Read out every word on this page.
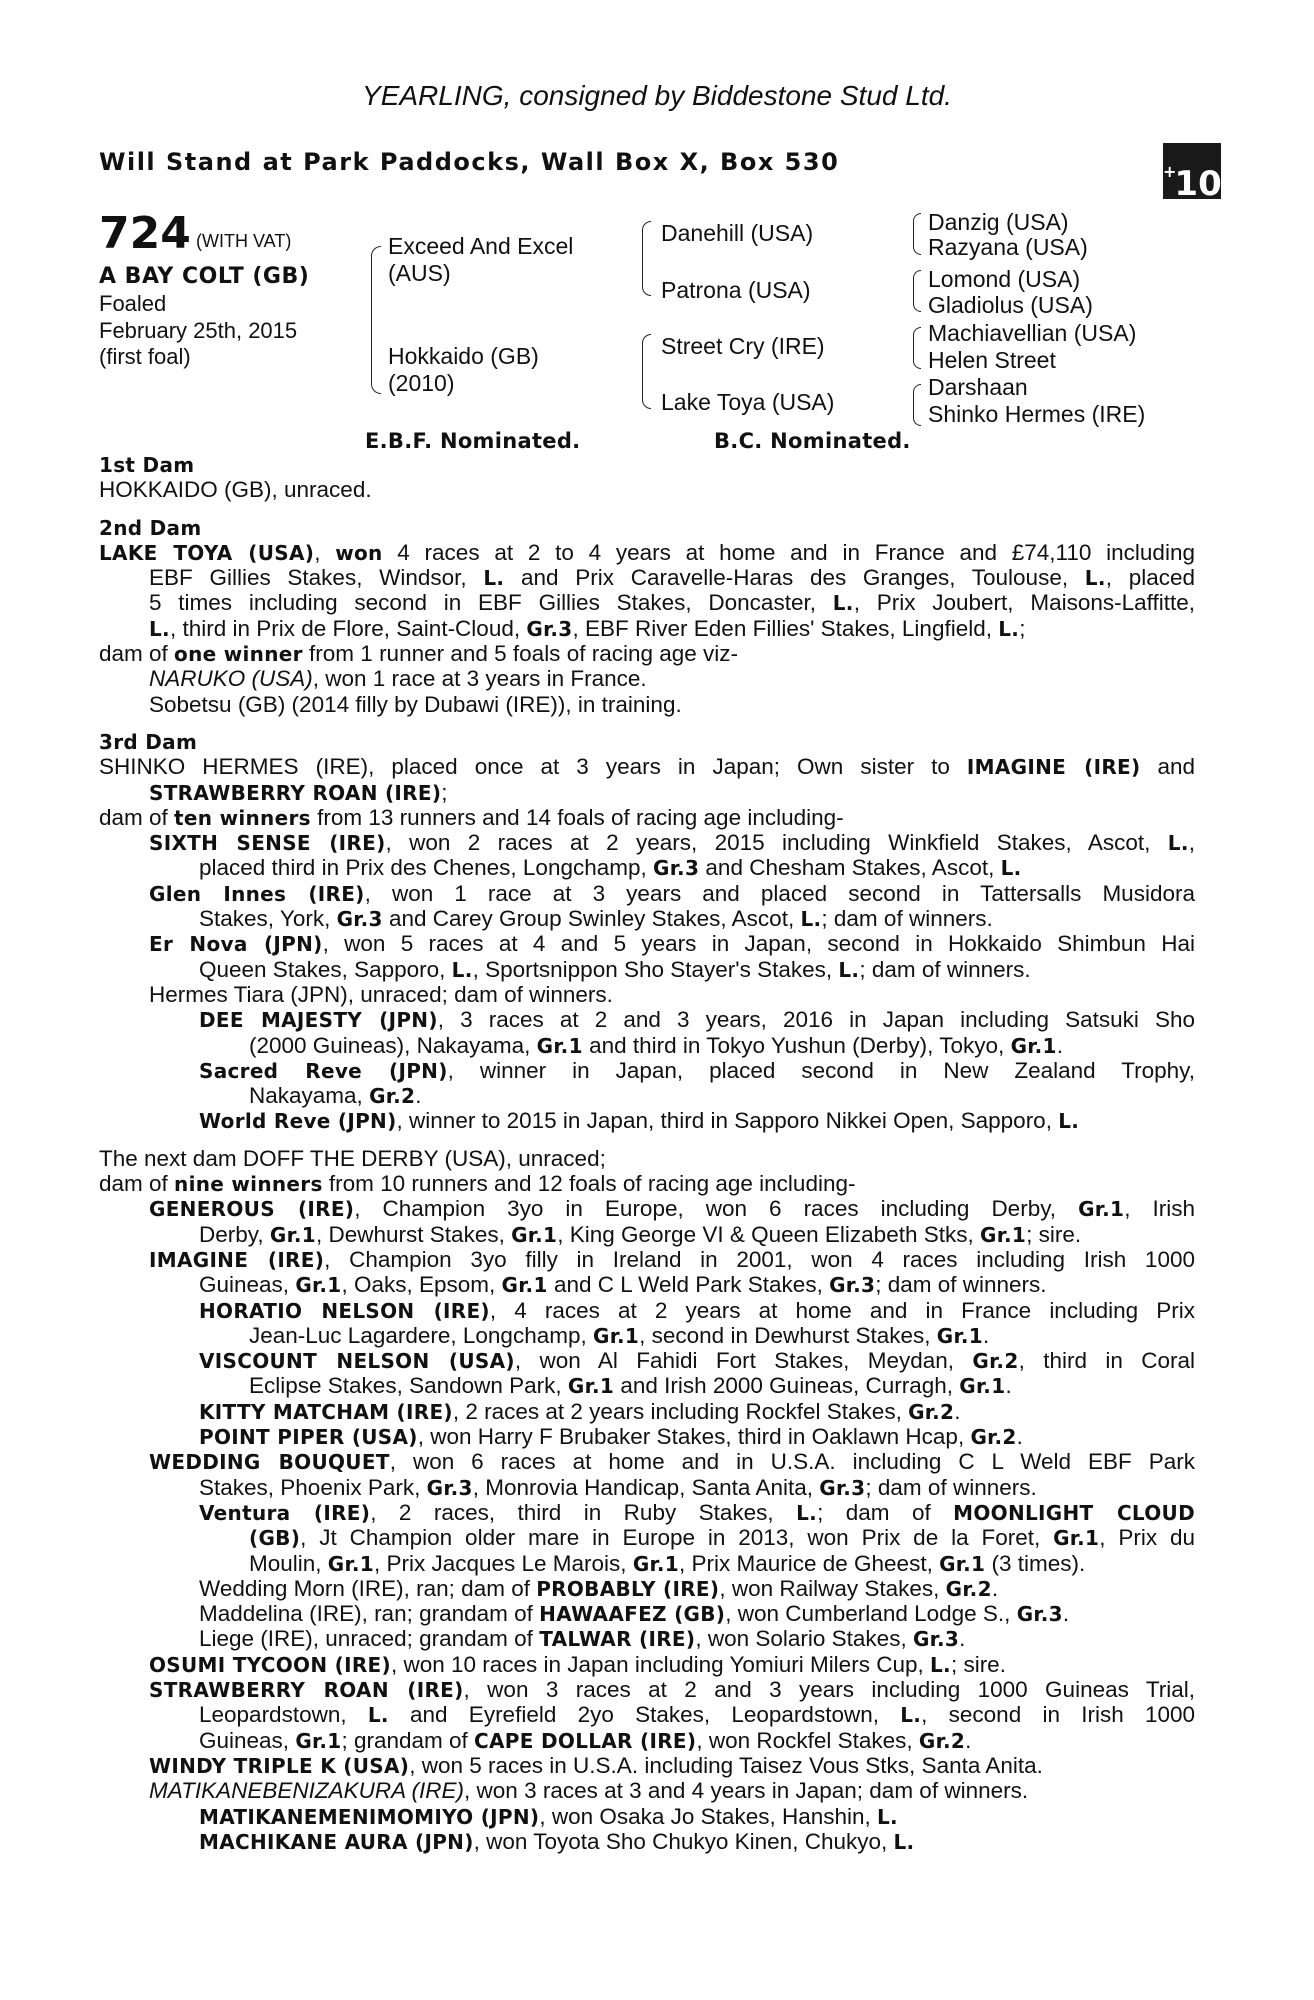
YEARLING, consigned by Biddestone Stud Ltd.
Will Stand at Park Paddocks, Wall Box X, Box 530	+10
724 (WITH VAT)
A BAY COLT (GB)
Foaled
February 25th, 2015
(first foal)
Exceed And Excel
(AUS)
Hokkaido (GB)
(2010)
Danehill (USA)
Patrona (USA)
Street Cry (IRE)
Lake Toya (USA)
Danzig (USA)
Razyana (USA)
Lomond (USA)
Gladiolus (USA)
Machiavellian (USA)
Helen Street
Darshaan
Shinko Hermes (IRE)
E.B.F. Nominated.	B.C. Nominated.
1st Dam
HOKKAIDO (GB), unraced.
2nd Dam
LAKE TOYA (USA), won 4 races at 2 to 4 years at home and in France and £74,110 including
EBF Gillies Stakes, Windsor, L. and Prix Caravelle-Haras des Granges, Toulouse, L., placed
5 times including second in EBF Gillies Stakes, Doncaster, L., Prix Joubert, Maisons-Laffitte,
L., third in Prix de Flore, Saint-Cloud, Gr.3, EBF River Eden Fillies' Stakes, Lingfield, L.;
dam of one winner from 1 runner and 5 foals of racing age viz-
NARUKO (USA), won 1 race at 3 years in France.
Sobetsu (GB) (2014 filly by Dubawi (IRE)), in training.
3rd Dam
SHINKO HERMES (IRE), placed once at 3 years in Japan; Own sister to IMAGINE (IRE) and
STRAWBERRY ROAN (IRE);
dam of ten winners from 13 runners and 14 foals of racing age including-
SIXTH SENSE (IRE), won 2 races at 2 years, 2015 including Winkfield Stakes, Ascot, L.,
placed third in Prix des Chenes, Longchamp, Gr.3 and Chesham Stakes, Ascot, L.
Glen Innes (IRE), won 1 race at 3 years and placed second in Tattersalls Musidora
Stakes, York, Gr.3 and Carey Group Swinley Stakes, Ascot, L.; dam of winners.
Er Nova (JPN), won 5 races at 4 and 5 years in Japan, second in Hokkaido Shimbun Hai
Queen Stakes, Sapporo, L., Sportsnippon Sho Stayer's Stakes, L.; dam of winners.
Hermes Tiara (JPN), unraced; dam of winners.
DEE MAJESTY (JPN), 3 races at 2 and 3 years, 2016 in Japan including Satsuki Sho
(2000 Guineas), Nakayama, Gr.1 and third in Tokyo Yushun (Derby), Tokyo, Gr.1.
Sacred Reve (JPN), winner in Japan, placed second in New Zealand Trophy,
Nakayama, Gr.2.
World Reve (JPN), winner to 2015 in Japan, third in Sapporo Nikkei Open, Sapporo, L.
The next dam DOFF THE DERBY (USA), unraced;
dam of nine winners from 10 runners and 12 foals of racing age including-
GENEROUS (IRE), Champion 3yo in Europe, won 6 races including Derby, Gr.1, Irish
Derby, Gr.1, Dewhurst Stakes, Gr.1, King George VI & Queen Elizabeth Stks, Gr.1; sire.
IMAGINE (IRE), Champion 3yo filly in Ireland in 2001, won 4 races including Irish 1000
Guineas, Gr.1, Oaks, Epsom, Gr.1 and C L Weld Park Stakes, Gr.3; dam of winners.
HORATIO NELSON (IRE), 4 races at 2 years at home and in France including Prix
Jean-Luc Lagardere, Longchamp, Gr.1, second in Dewhurst Stakes, Gr.1.
VISCOUNT NELSON (USA), won Al Fahidi Fort Stakes, Meydan, Gr.2, third in Coral
Eclipse Stakes, Sandown Park, Gr.1 and Irish 2000 Guineas, Curragh, Gr.1.
KITTY MATCHAM (IRE), 2 races at 2 years including Rockfel Stakes, Gr.2.
POINT PIPER (USA), won Harry F Brubaker Stakes, third in Oaklawn Hcap, Gr.2.
WEDDING BOUQUET, won 6 races at home and in U.S.A. including C L Weld EBF Park
Stakes, Phoenix Park, Gr.3, Monrovia Handicap, Santa Anita, Gr.3; dam of winners.
Ventura (IRE), 2 races, third in Ruby Stakes, L.; dam of MOONLIGHT CLOUD
(GB), Jt Champion older mare in Europe in 2013, won Prix de la Foret, Gr.1, Prix du
Moulin, Gr.1, Prix Jacques Le Marois, Gr.1, Prix Maurice de Gheest, Gr.1 (3 times).
Wedding Morn (IRE), ran; dam of PROBABLY (IRE), won Railway Stakes, Gr.2.
Maddelina (IRE), ran; grandam of HAWAAFEZ (GB), won Cumberland Lodge S., Gr.3.
Liege (IRE), unraced; grandam of TALWAR (IRE), won Solario Stakes, Gr.3.
OSUMI TYCOON (IRE), won 10 races in Japan including Yomiuri Milers Cup, L.; sire.
STRAWBERRY ROAN (IRE), won 3 races at 2 and 3 years including 1000 Guineas Trial,
Leopardstown, L. and Eyrefield 2yo Stakes, Leopardstown, L., second in Irish 1000
Guineas, Gr.1; grandam of CAPE DOLLAR (IRE), won Rockfel Stakes, Gr.2.
WINDY TRIPLE K (USA), won 5 races in U.S.A. including Taisez Vous Stks, Santa Anita.
MATIKANEBENIZAKURA (IRE), won 3 races at 3 and 4 years in Japan; dam of winners.
MATIKANEMENIMOMIYO (JPN), won Osaka Jo Stakes, Hanshin, L.
MACHIKANE AURA (JPN), won Toyota Sho Chukyo Kinen, Chukyo, L.
